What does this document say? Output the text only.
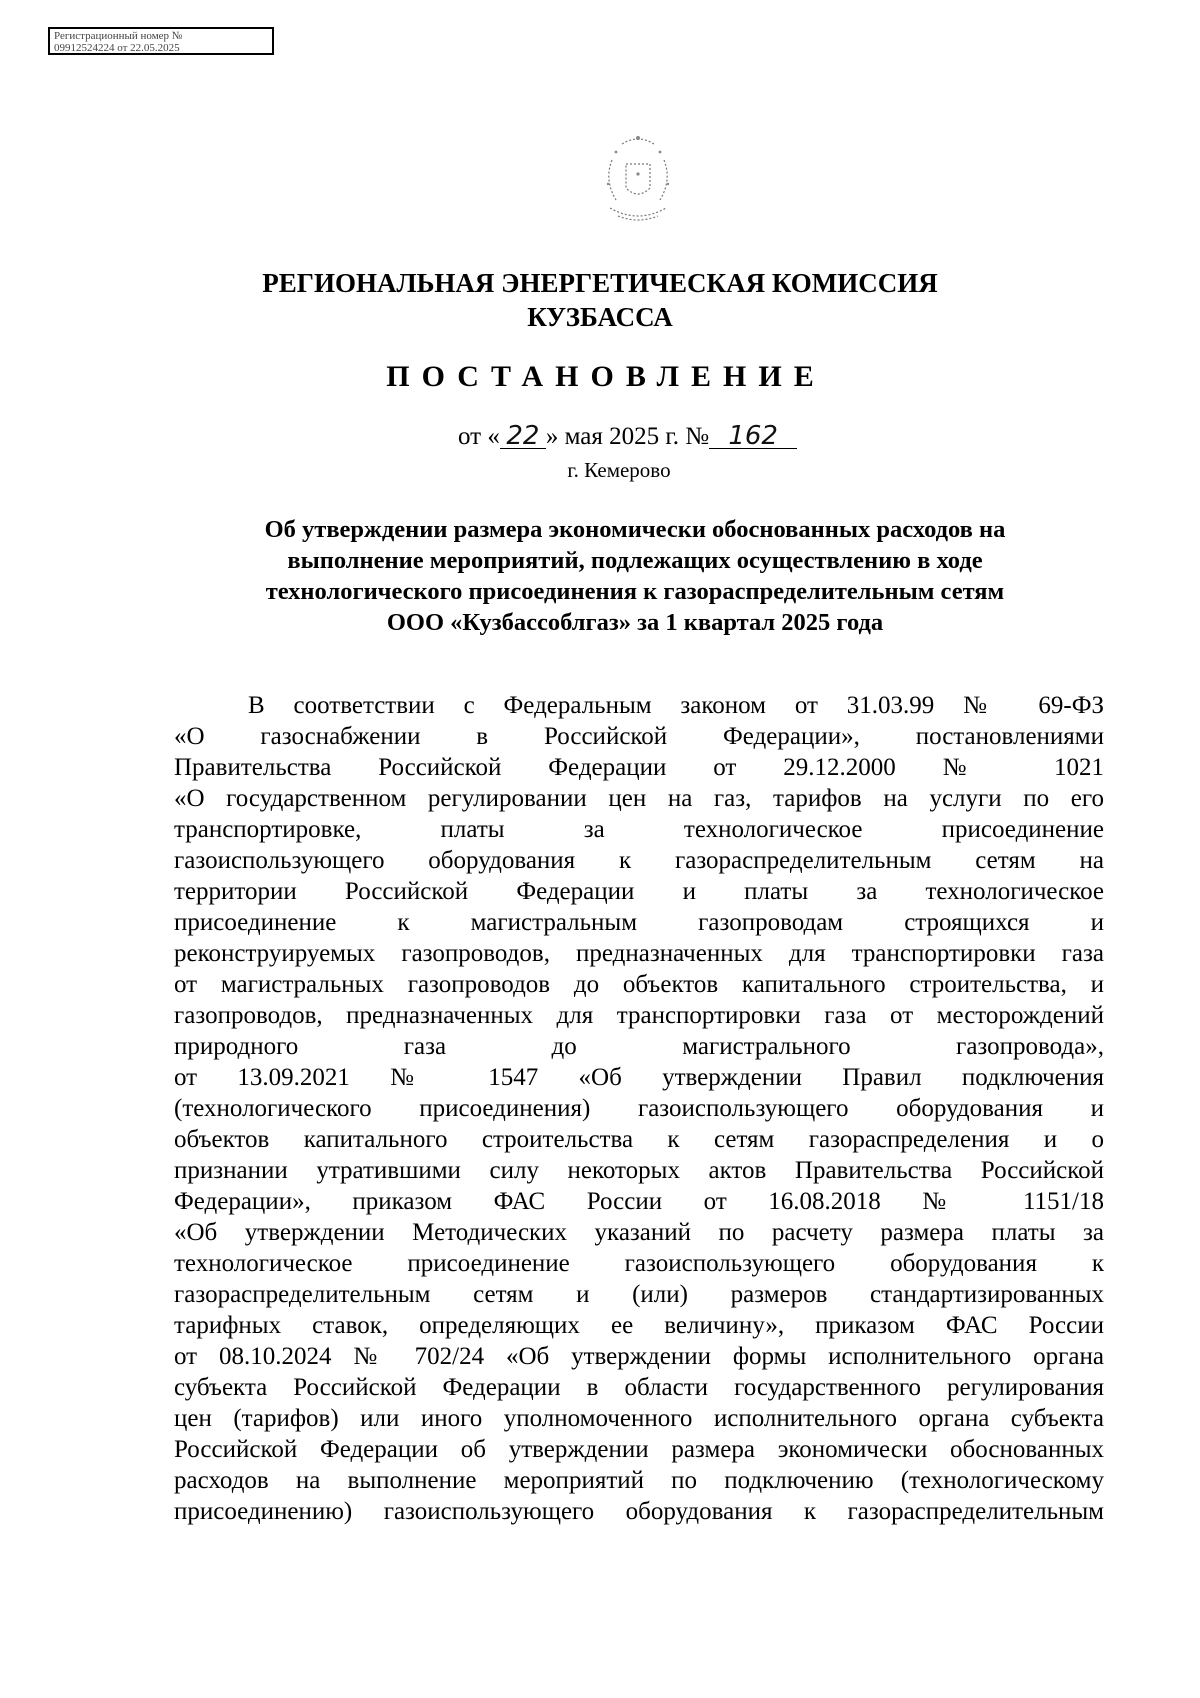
Регистрационный номер №
09912524224 от 22.05.2025
РЕГИОНАЛЬНАЯ ЭНЕРГЕТИЧЕСКАЯ КОМИССИЯ
КУЗБАССА
ПОСТАНОВЛЕНИЕ
от « 22 » мая 2025 г. № 162
г. Кемерово
Об утверждении размера экономически обоснованных расходов на
выполнение мероприятий, подлежащих осуществлению в ходе
технологического присоединения к газораспределительным сетям
ООО «Кузбассоблгаз» за 1 квартал 2025 года
В соответствии с Федеральным законом от 31.03.99 № 69-ФЗ
«О газоснабжении в Российской Федерации», постановлениями
Правительства Российской Федерации от 29.12.2000 № 1021
«О государственном регулировании цен на газ, тарифов на услуги по его
транспортировке, платы за технологическое присоединение
газоиспользующего оборудования к газораспределительным сетям на
территории Российской Федерации и платы за технологическое
присоединение к магистральным газопроводам строящихся и
реконструируемых газопроводов, предназначенных для транспортировки газа
от магистральных газопроводов до объектов капитального строительства, и
газопроводов, предназначенных для транспортировки газа от месторождений
природного газа до магистрального газопровода»,
от 13.09.2021 № 1547 «Об утверждении Правил подключения
(технологического присоединения) газоиспользующего оборудования и
объектов капитального строительства к сетям газораспределения и о
признании утратившими силу некоторых актов Правительства Российской
Федерации», приказом ФАС России от 16.08.2018 № 1151/18
«Об утверждении Методических указаний по расчету размера платы за
технологическое присоединение газоиспользующего оборудования к
газораспределительным сетям и (или) размеров стандартизированных
тарифных ставок, определяющих ее величину», приказом ФАС России
от 08.10.2024 № 702/24 «Об утверждении формы исполнительного органа
субъекта Российской Федерации в области государственного регулирования
цен (тарифов) или иного уполномоченного исполнительного органа субъекта
Российской Федерации об утверждении размера экономически обоснованных
расходов на выполнение мероприятий по подключению (технологическому
присоединению) газоиспользующего оборудования к газораспределительным
